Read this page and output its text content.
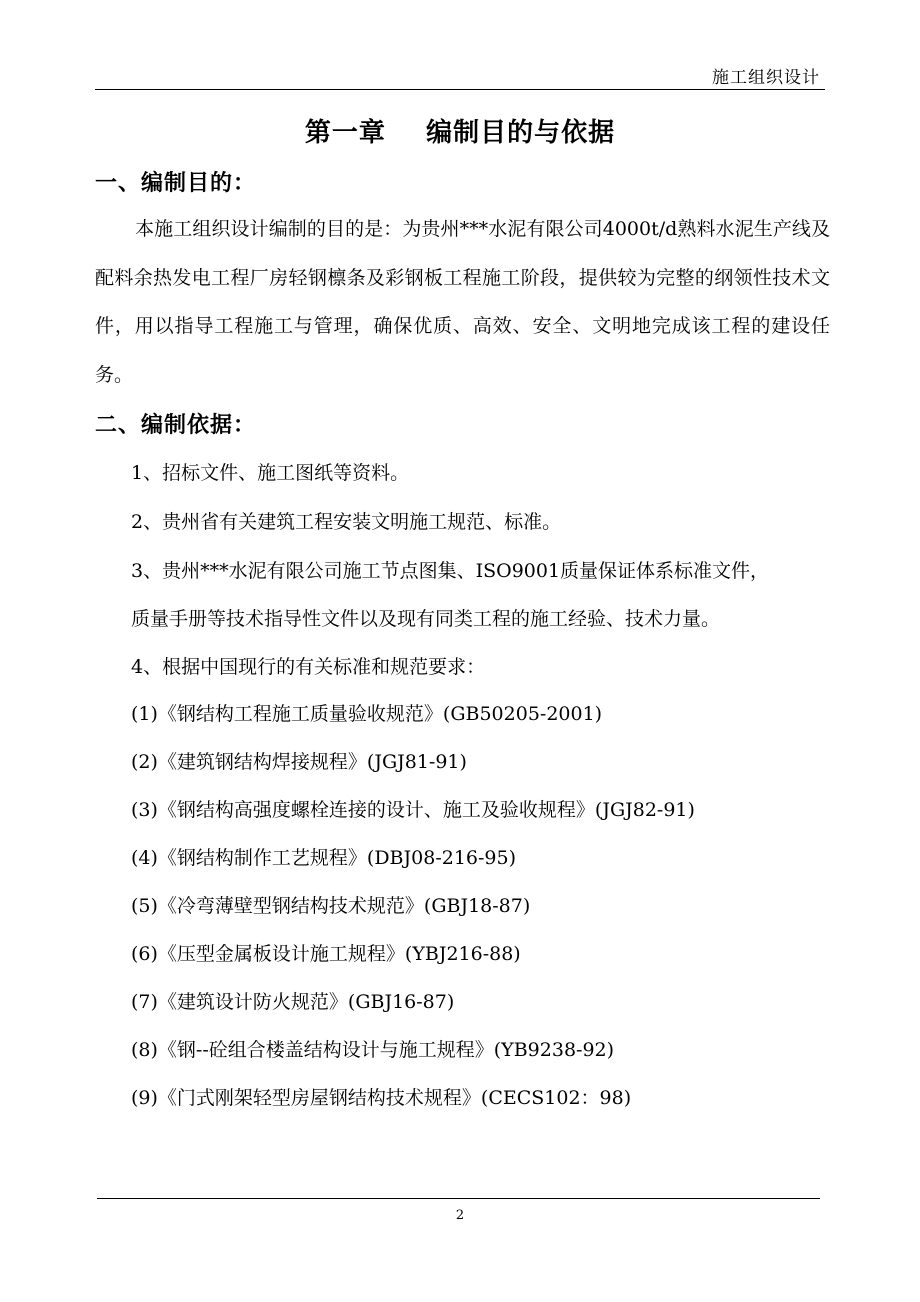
施工组织设计
第一章    编制目的与依据
一、编制目的：
本施工组织设计编制的目的是：为贵州***水泥有限公司4000t/d熟料水泥生产线及配料余热发电工程厂房轻钢檩条及彩钢板工程施工阶段，提供较为完整的纲领性技术文件，用以指导工程施工与管理，确保优质、高效、安全、文明地完成该工程的建设任务。
二、编制依据：
1、招标文件、施工图纸等资料。
2、贵州省有关建筑工程安装文明施工规范、标准。
3、贵州***水泥有限公司施工节点图集、ISO9001质量保证体系标准文件，
质量手册等技术指导性文件以及现有同类工程的施工经验、技术力量。
4、根据中国现行的有关标准和规范要求：
(1)《钢结构工程施工质量验收规范》(GB50205-2001)
(2)《建筑钢结构焊接规程》(JGJ81-91)
(3)《钢结构高强度螺栓连接的设计、施工及验收规程》(JGJ82-91)
(4)《钢结构制作工艺规程》(DBJ08-216-95)
(5)《冷弯薄壁型钢结构技术规范》(GBJ18-87)
(6)《压型金属板设计施工规程》(YBJ216-88)
(7)《建筑设计防火规范》(GBJ16-87)
(8)《钢--砼组合楼盖结构设计与施工规程》(YB9238-92)
(9)《门式刚架轻型房屋钢结构技术规程》(CECS102：98)
2
